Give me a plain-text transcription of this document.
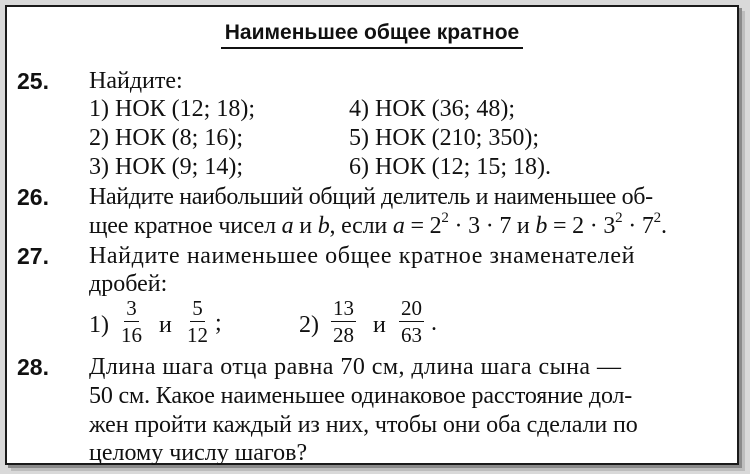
Наименьшее общее кратное
25. Найдите:
1) НОК (12; 18);
2) НОК (8; 16);
3) НОК (9; 14);
4) НОК (36; 48);
5) НОК (210; 350);
6) НОК (12; 15; 18).
26. Найдите наибольший общий делитель и наименьшее об-
щее кратное чисел a и b, если $a = 2^2 \cdot 3 \cdot 7$ и $b = 2 \cdot 3^2 \cdot 7^2$.
27. Найдите наименьшее общее кратное знаменателей
дробей:
$1) \frac{3}{16}$ и $\frac{5}{12}$ ;	$2) \frac{13}{28}$ и $\frac{20}{63}$ .
28. Длина шага отца равна 70 см, длина шага сына —
50 см. Какое наименьшее одинаковое расстояние дол-
жен пройти каждый из них, чтобы они оба сделали по
целому числу шагов?
